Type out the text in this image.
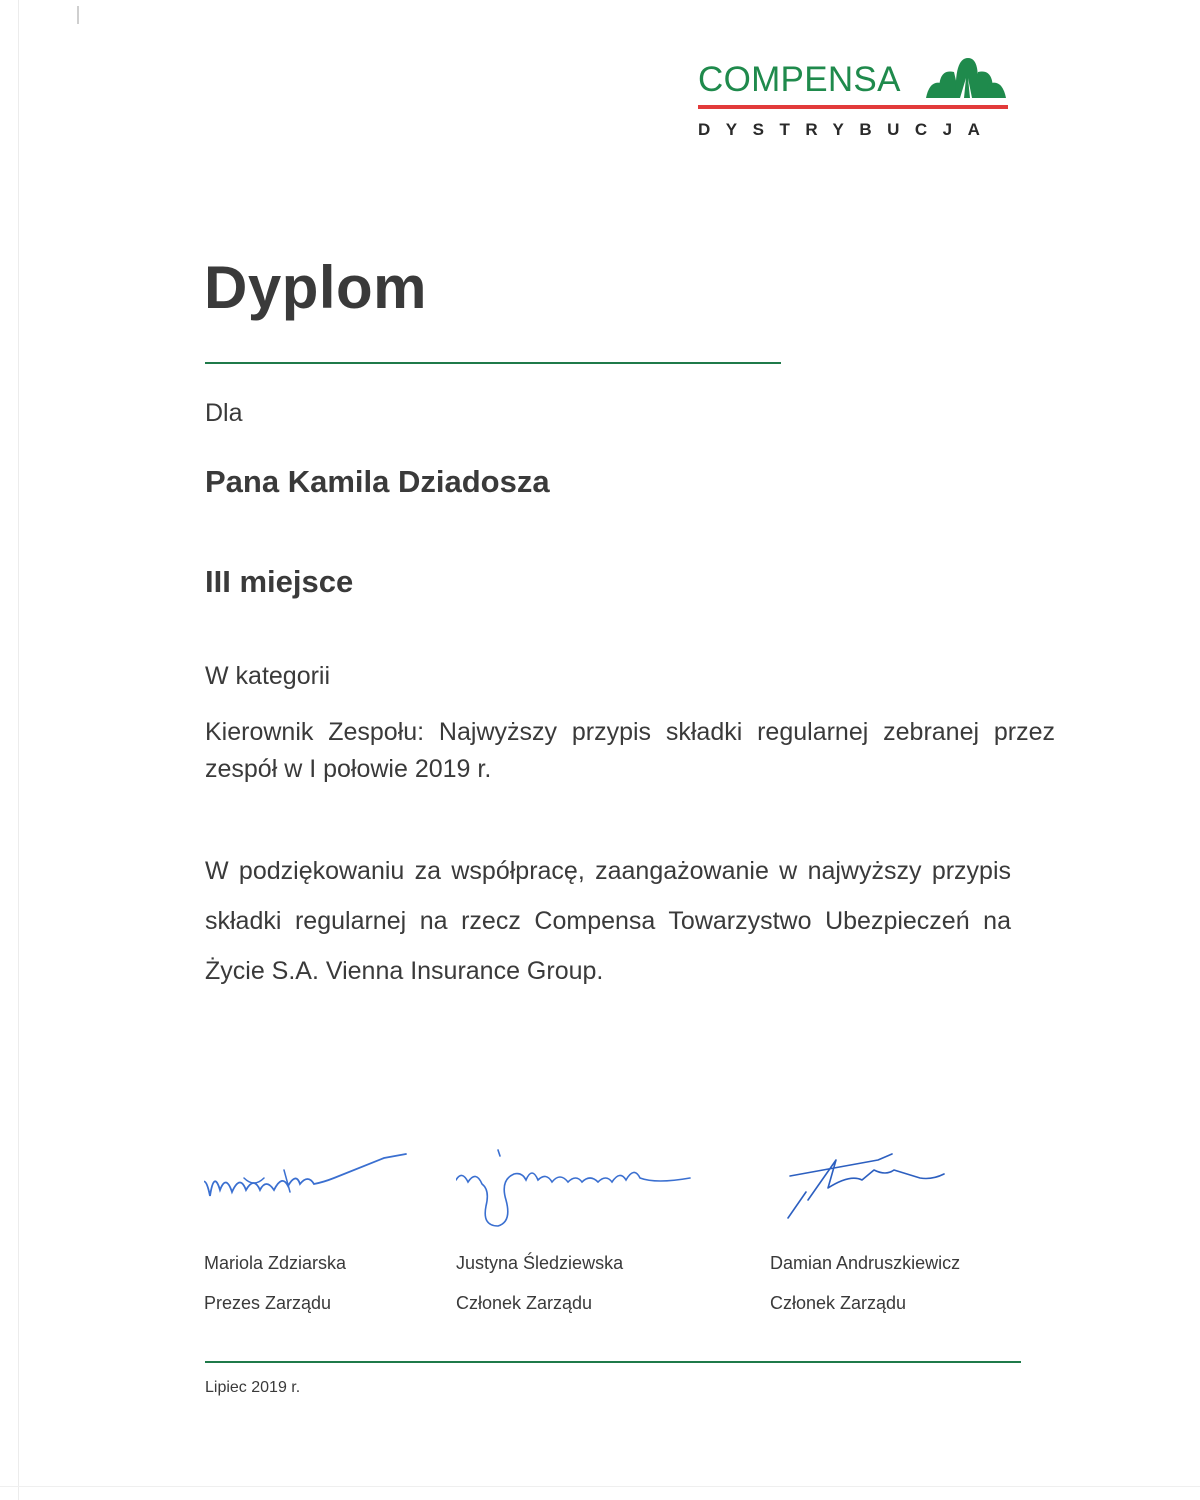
COMPENSA
DYSTRYBUCJA
Dyplom

Dla

Pana Kamila Dziadosza

III miejsce

W kategorii

Kierownik Zespołu: Najwyższy przypis składki regularnej zebranej przez zespół w I połowie 2019 r.

W podziękowaniu za współpracę, zaangażowanie w najwyższy przypis składki regularnej na rzecz Compensa Towarzystwo Ubezpieczeń na Życie S.A. Vienna Insurance Group.

Mariola Zdziarska
Prezes Zarządu
Justyna Śledziewska
Członek Zarządu
Damian Andruszkiewicz
Członek Zarządu
Lipiec 2019 r.
